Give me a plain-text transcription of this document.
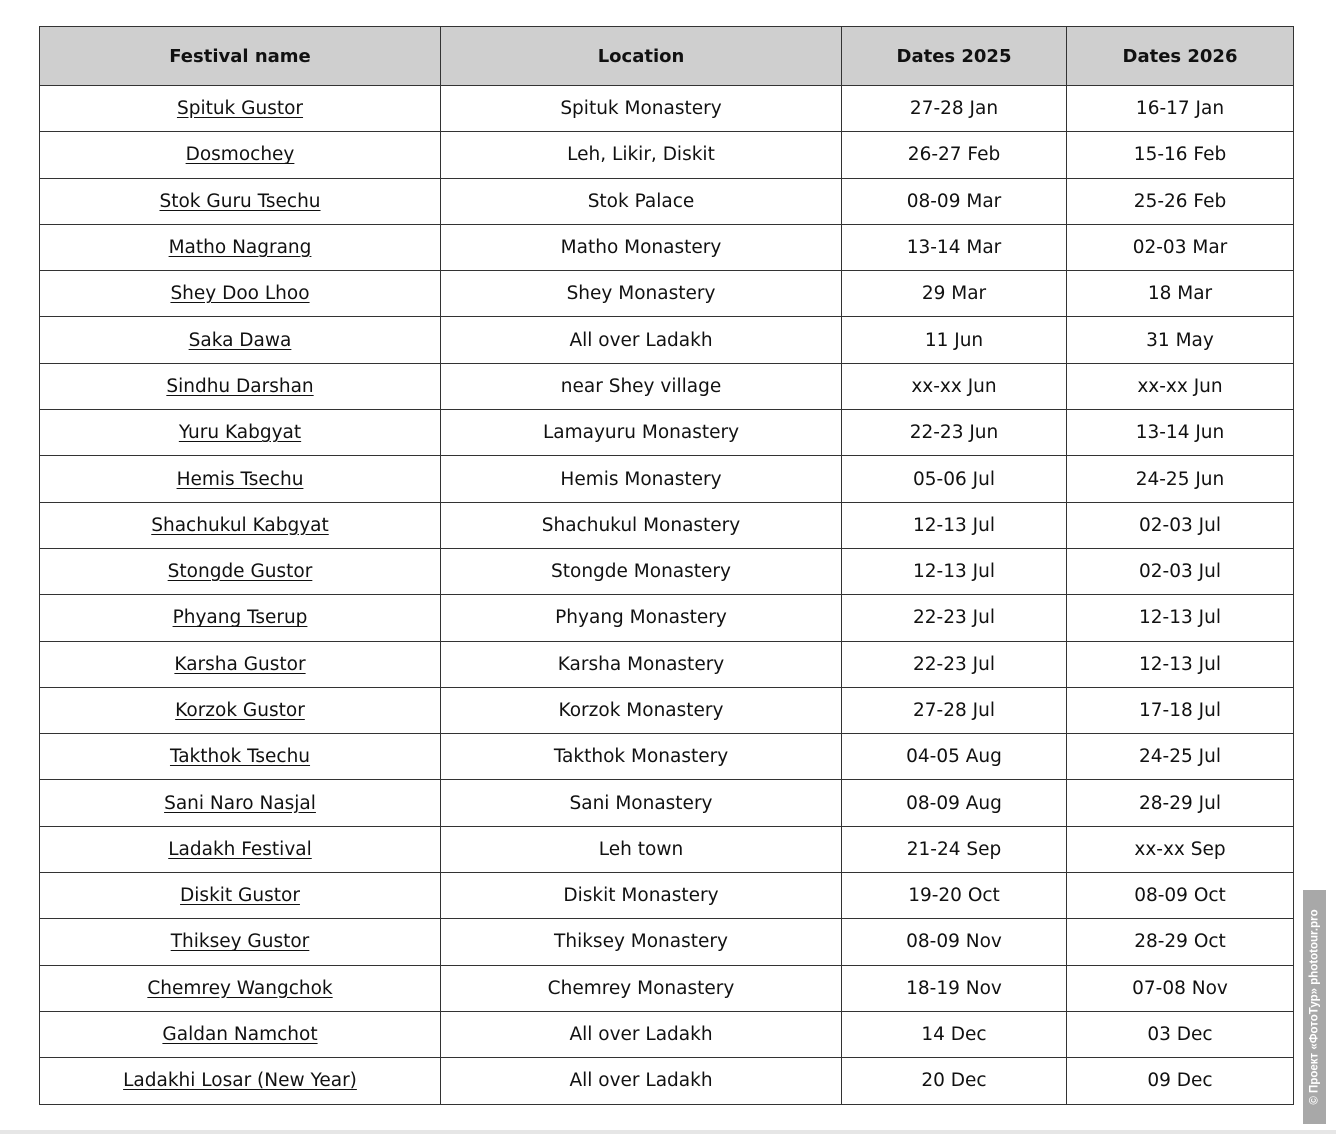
Festival name	Location	Dates 2025	Dates 2026
Spituk Gustor	Spituk Monastery	27-28 Jan	16-17 Jan
Dosmochey	Leh, Likir, Diskit	26-27 Feb	15-16 Feb
Stok Guru Tsechu	Stok Palace	08-09 Mar	25-26 Feb
Matho Nagrang	Matho Monastery	13-14 Mar	02-03 Mar
Shey Doo Lhoo	Shey Monastery	29 Mar	18 Mar
Saka Dawa	All over Ladakh	11 Jun	31 May
Sindhu Darshan	near Shey village	xx-xx Jun	xx-xx Jun
Yuru Kabgyat	Lamayuru Monastery	22-23 Jun	13-14 Jun
Hemis Tsechu	Hemis Monastery	05-06 Jul	24-25 Jun
Shachukul Kabgyat	Shachukul Monastery	12-13 Jul	02-03 Jul
Stongde Gustor	Stongde Monastery	12-13 Jul	02-03 Jul
Phyang Tserup	Phyang Monastery	22-23 Jul	12-13 Jul
Karsha Gustor	Karsha Monastery	22-23 Jul	12-13 Jul
Korzok Gustor	Korzok Monastery	27-28 Jul	17-18 Jul
Takthok Tsechu	Takthok Monastery	04-05 Aug	24-25 Jul
Sani Naro Nasjal	Sani Monastery	08-09 Aug	28-29 Jul
Ladakh Festival	Leh town	21-24 Sep	xx-xx Sep
Diskit Gustor	Diskit Monastery	19-20 Oct	08-09 Oct
Thiksey Gustor	Thiksey Monastery	08-09 Nov	28-29 Oct
Chemrey Wangchok	Chemrey Monastery	18-19 Nov	07-08 Nov
Galdan Namchot	All over Ladakh	14 Dec	03 Dec
Ladakhi Losar (New Year)	All over Ladakh	20 Dec	09 Dec	© Проект «ФотоТур» phototour.pro
